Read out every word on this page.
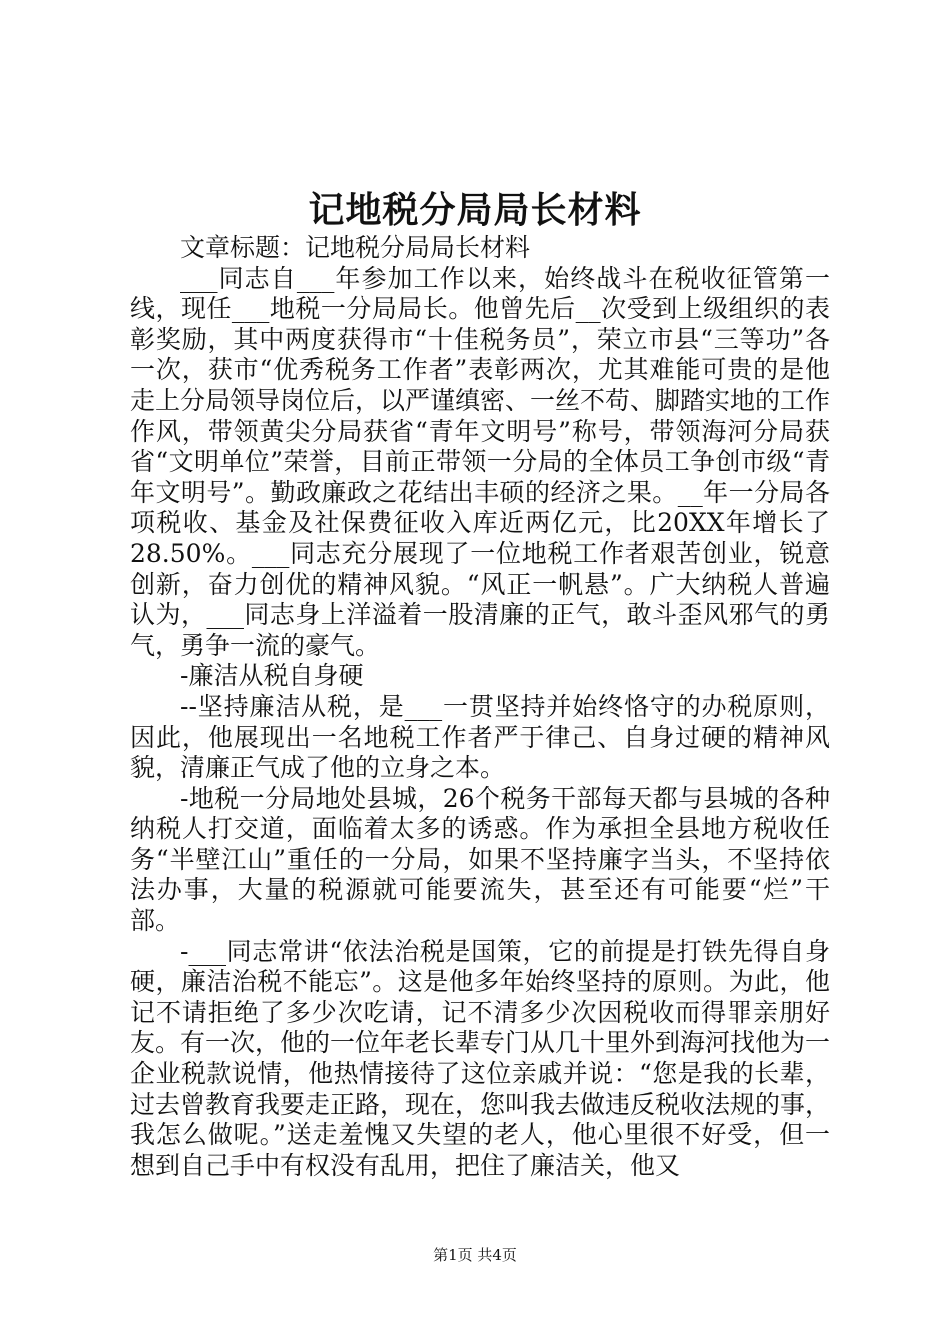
记地税分局局长材料

文章标题：记地税分局局长材料

___同志自___年参加工作以来，始终战斗在税收征管第一线，现任___地税一分局局长。他曾先后__次受到上级组织的表彰奖励，其中两度获得市“十佳税务员”，荣立市县“三等功”各一次，获市“优秀税务工作者”表彰两次，尤其难能可贵的是他走上分局领导岗位后，以严谨缜密、一丝不苟、脚踏实地的工作作风，带领黄尖分局获省“青年文明号”称号，带领海河分局获省“文明单位”荣誉，目前正带领一分局的全体员工争创市级“青年文明号”。勤政廉政之花结出丰硕的经济之果。__年一分局各项税收、基金及社保费征收入库近两亿元，比20XX年增长了28.50%。___同志充分展现了一位地税工作者艰苦创业，锐意创新，奋力创优的精神风貌。“风正一帆悬”。广大纳税人普遍认为，___同志身上洋溢着一股清廉的正气，敢斗歪风邪气的勇气，勇争一流的豪气。

-廉洁从税自身硬

--坚持廉洁从税，是___一贯坚持并始终恪守的办税原则，因此，他展现出一名地税工作者严于律己、自身过硬的精神风貌，清廉正气成了他的立身之本。

-地税一分局地处县城，26个税务干部每天都与县城的各种纳税人打交道，面临着太多的诱惑。作为承担全县地方税收任务“半壁江山”重任的一分局，如果不坚持廉字当头，不坚持依法办事，大量的税源就可能要流失，甚至还有可能要“烂”干部。

-___同志常讲“依法治税是国策，它的前提是打铁先得自身硬，廉洁治税不能忘”。这是他多年始终坚持的原则。为此，他记不请拒绝了多少次吃请，记不清多少次因税收而得罪亲朋好友。有一次，他的一位年老长辈专门从几十里外到海河找他为一企业税款说情，他热情接待了这位亲戚并说：“您是我的长辈，过去曾教育我要走正路，现在，您叫我去做违反税收法规的事，我怎么做呢。”送走羞愧又失望的老人，他心里很不好受，但一想到自己手中有权没有乱用，把住了廉洁关，他又

第1页 共4页
